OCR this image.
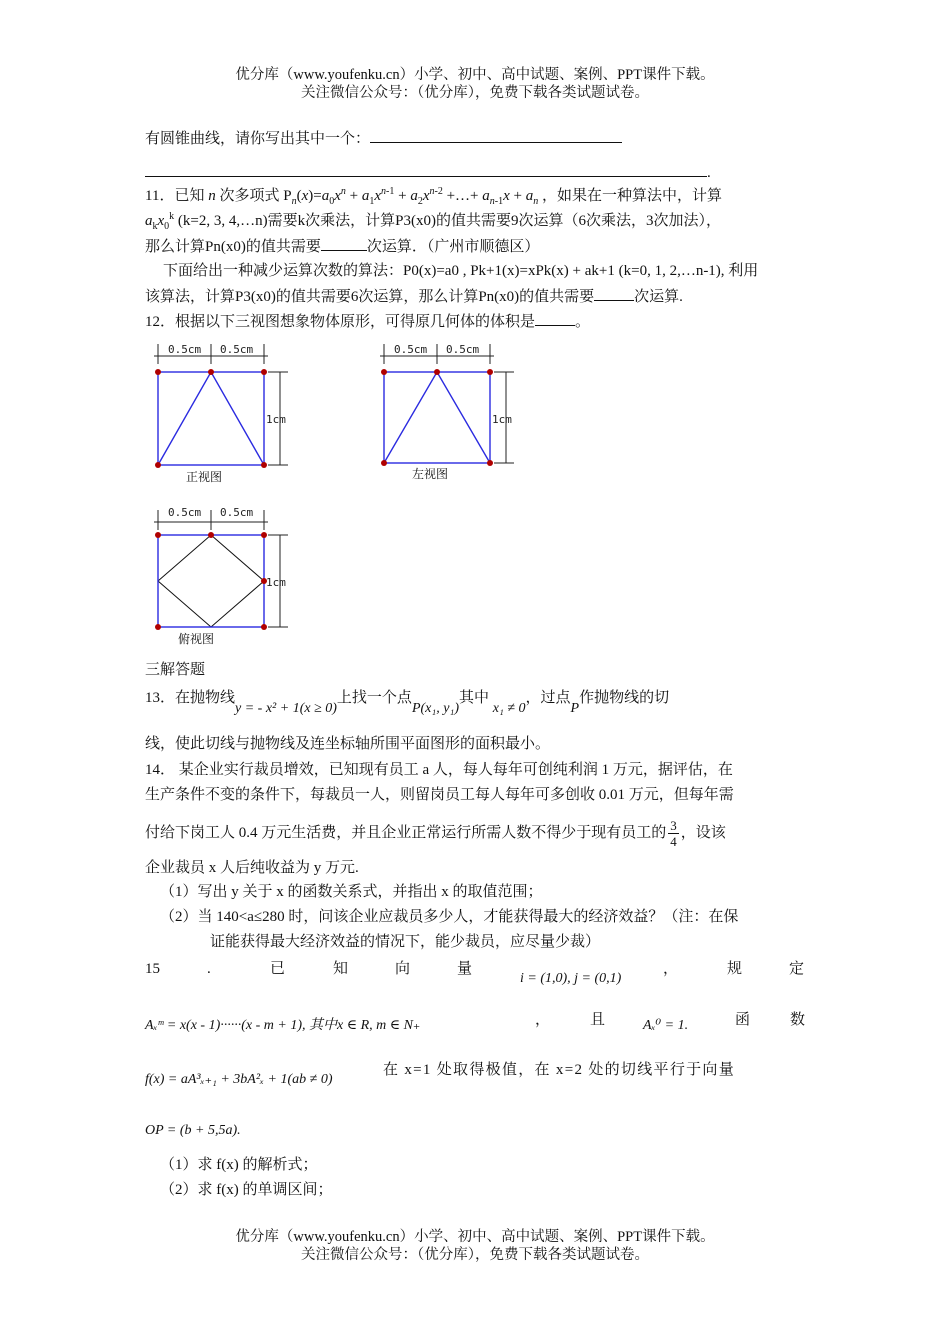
优分库（www.youfenku.cn）小学、初中、高中试题、案例、PPT课件下载。
关注微信公众号：（优分库），免费下载各类试题试卷。
有圆锥曲线，请你写出其中一个：
.
11．已知 n 次多项式 $P_n(x)=a_0x^n + a_1x^{n-1} + a_2x^{n-2}$ +…+ $a_{n-1}x + a_n$ ，如果在一种算法中，计算
$a_kx_0^k$ (k=2, 3, 4,…n)需要k次乘法，计算P3(x0)的值共需要9次运算（6次乘法，3次加法），
那么计算Pn(x0)的值共需要	次运算．（广州市顺德区）
下面给出一种减少运算次数的算法：P0(x)=a0 , Pk+1(x)=xPk(x) + ak+1 (k=0, 1, 2,…n-1), 利用
该算法，计算P3(x0)的值共需要6次运算，那么计算Pn(x0)的值共需要	次运算.
12．根据以下三视图想象物体原形，可得原几何体的体积是	。
0.5cm 0.5cm
1cm
正视图
0.5cm 0.5cm
1cm
左视图
0.5cm 0.5cm
1cm
俯视图
三解答题
13．在抛物线y = - x² + 1(x ≥ 0)上找一个点P(x₁, y₁)其中 x₁ ≠ 0，过点P作抛物线的切
线，使此切线与抛物线及连坐标轴所围平面图形的面积最小。
14． 某企业实行裁员增效，已知现有员工 a 人，每人每年可创纯利润 1 万元，据评估，在
生产条件不变的条件下，每裁员一人，则留岗员工每人每年可多创收 0.01 万元，但每年需
付给下岗工人 0.4 万元生活费，并且企业正常运行所需人数不得少于现有员工的 $\frac{3}{4}$ ，设该
企业裁员 x 人后纯收益为 y 万元.
（1）写出 y 关于 x 的函数关系式，并指出 x 的取值范围；
（2）当 140<a≤280 时，问该企业应裁员多少人，才能获得最大的经济效益？（注：在保
证能获得最大经济效益的情况下，能少裁员，应尽量少裁）
15	.	已	知	向	量
i = (1,0), j = (0,1)
，	规	定
Aₓᵐ = x(x - 1)······(x - m + 1), 其中x ∈ R, m ∈ N₊	，	且	Aₓ⁰ = 1.	函	数
f(x) = aA³ₓ₊₁ + 3bA²ₓ + 1(ab ≠ 0)
在 x=1 处取得极值，在 x=2 处的切线平行于向量
OP = (b + 5,5a).
（1）求 f(x) 的解析式；
（2）求 f(x) 的单调区间；
优分库（www.youfenku.cn）小学、初中、高中试题、案例、PPT课件下载。
关注微信公众号：（优分库），免费下载各类试题试卷。
